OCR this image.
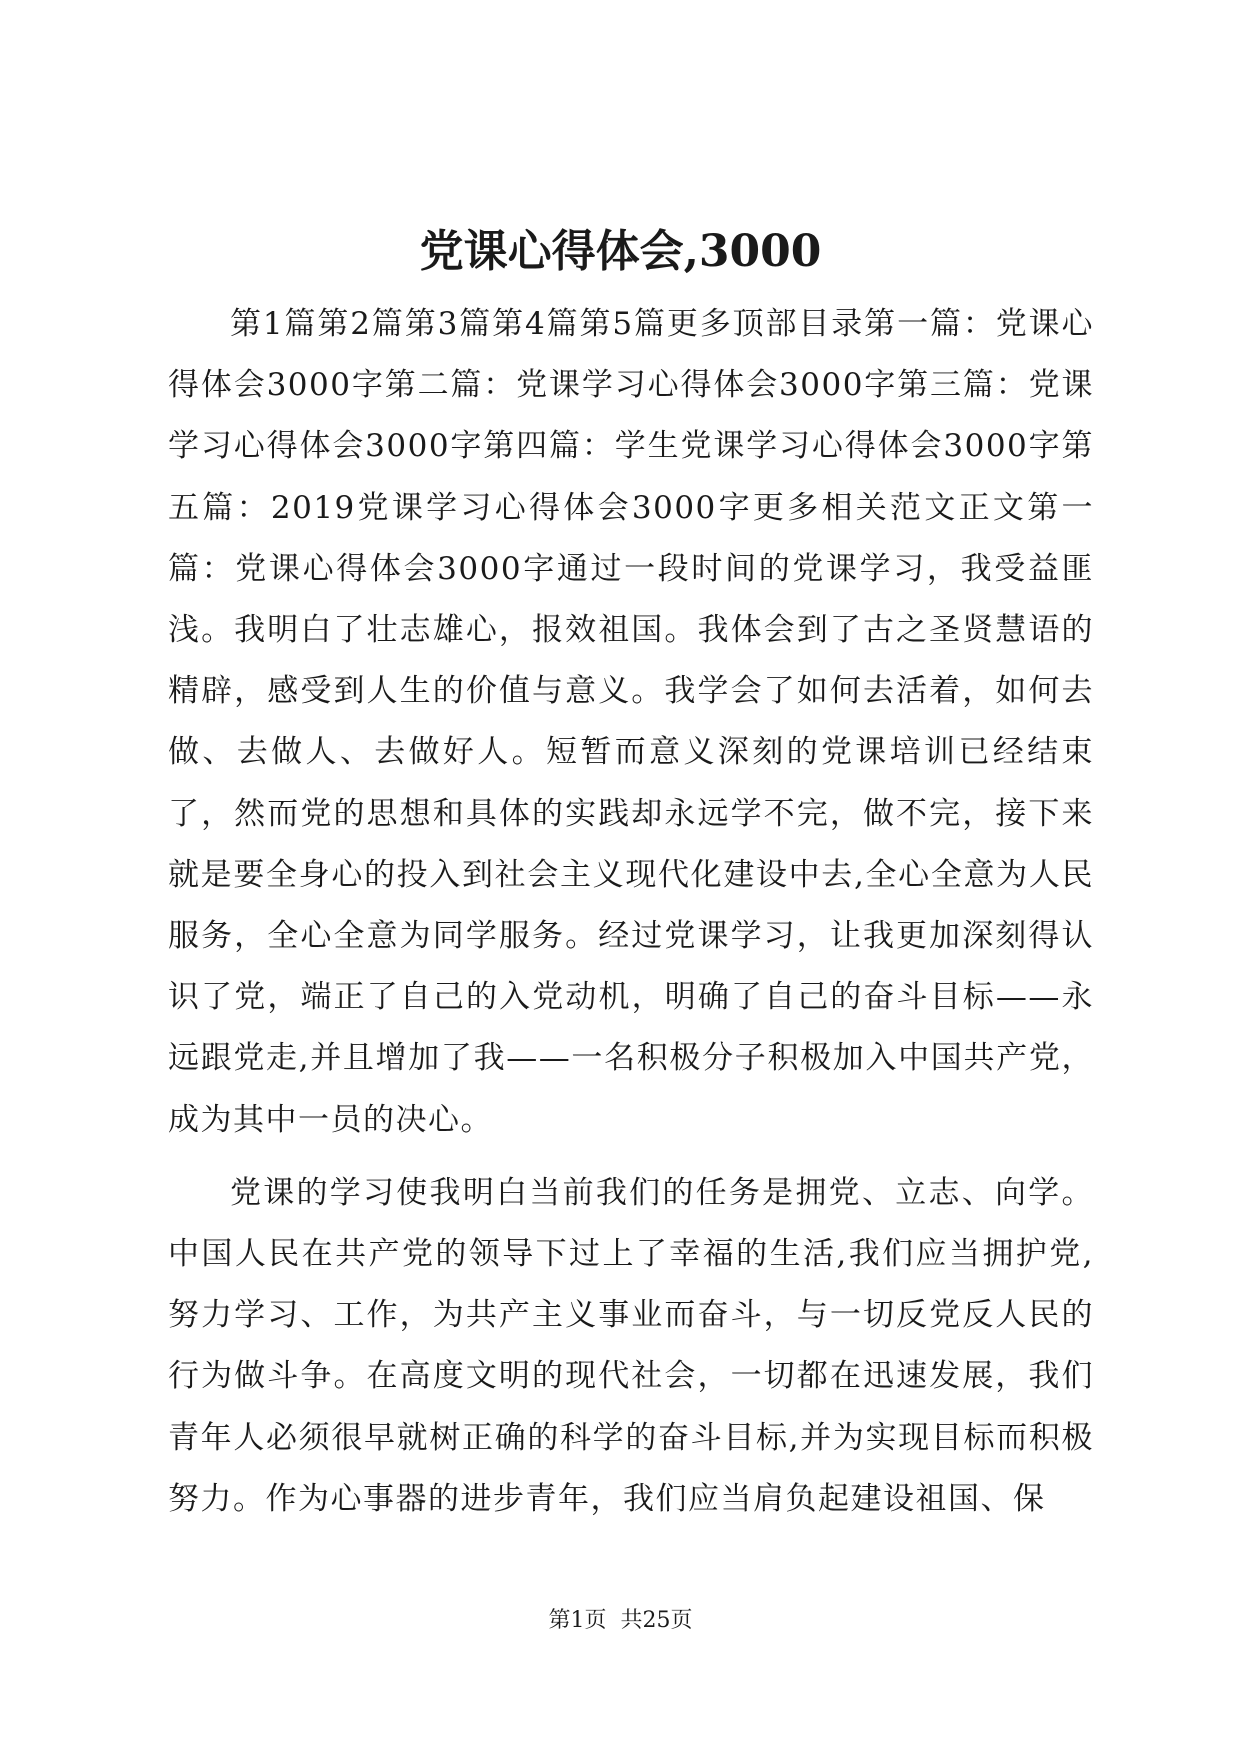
党课心得体会,3000

第1篇第2篇第3篇第4篇第5篇更多顶部目录第一篇：党课心得体会3000字第二篇：党课学习心得体会3000字第三篇：党课学习心得体会3000字第四篇：学生党课学习心得体会3000字第五篇：2019党课学习心得体会3000字更多相关范文正文第一篇：党课心得体会3000字通过一段时间的党课学习，我受益匪浅。我明白了壮志雄心，报效祖国。我体会到了古之圣贤慧语的精辟，感受到人生的价值与意义。我学会了如何去活着，如何去做、去做人、去做好人。短暂而意义深刻的党课培训已经结束了，然而党的思想和具体的实践却永远学不完，做不完，接下来就是要全身心的投入到社会主义现代化建设中去,全心全意为人民服务，全心全意为同学服务。经过党课学习，让我更加深刻得认识了党，端正了自己的入党动机，明确了自己的奋斗目标——永远跟党走,并且增加了我——一名积极分子积极加入中国共产党，成为其中一员的决心。

党课的学习使我明白当前我们的任务是拥党、立志、向学。中国人民在共产党的领导下过上了幸福的生活,我们应当拥护党,努力学习、工作，为共产主义事业而奋斗，与一切反党反人民的行为做斗争。在高度文明的现代社会，一切都在迅速发展，我们青年人必须很早就树正确的科学的奋斗目标,并为实现目标而积极努力。作为心事器的进步青年，我们应当肩负起建设祖国、保

第1页 共25页
